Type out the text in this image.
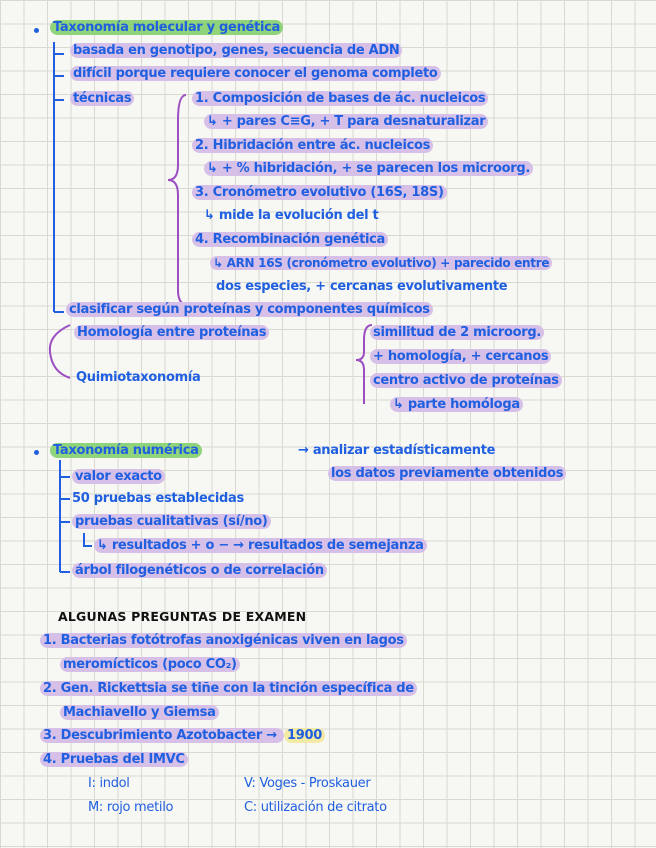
Taxonomía molecular y genética
basada en genotipo, genes, secuencia de ADN
difícil porque requiere conocer el genoma completo
técnicas	1. Composición de bases de ác. nucleicos
↳ + pares C≡G, + T para desnaturalizar
2. Hibridación entre ác. nucleicos
↳ + % hibridación, + se parecen los microorg.
3. Cronómetro evolutivo (16S, 18S)
↳ mide la evolución del t
4. Recombinación genética
↳ ARN 16S (cronómetro evolutivo) + parecido entre
dos especies, + cercanas evolutivamente
clasificar según proteínas y componentes químicos
Homología entre proteínas
Quimiotaxonomía
similitud de 2 microorg.
+ homología, + cercanos
centro activo de proteínas
↳ parte homóloga
Taxonomía numérica	→ analizar estadísticamente
los datos previamente obtenidos
valor exacto
50 pruebas establecidas
pruebas cualitativas (sí/no)
↳ resultados + o − → resultados de semejanza
árbol filogenéticos o de correlación
ALGUNAS PREGUNTAS DE EXAMEN
1. Bacterias fotótrofas anoxigénicas viven en lagos
meromícticos (poco CO₂)
2. Gen. Rickettsia se tiñe con la tinción específica de
Machiavello y Giemsa
3. Descubrimiento Azotobacter → 1900
4. Pruebas del IMVC
I: indol	V: Voges - Proskauer
M: rojo metilo	C: utilización de citrato
